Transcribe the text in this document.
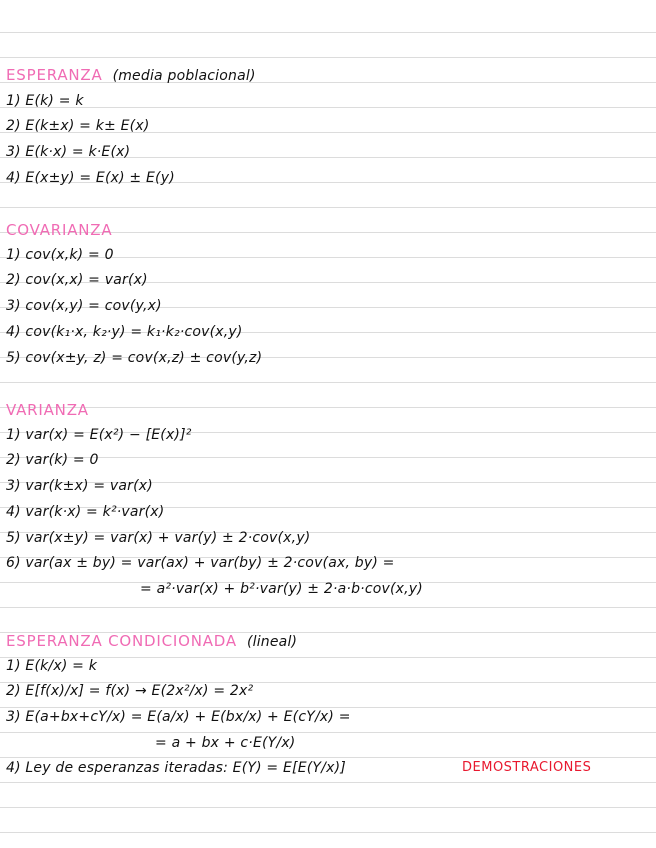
ESPERANZA (media poblacional)
1) E(k) = k
2) E(k±x) = k± E(x)
3) E(k·x) = k·E(x)
4) E(x±y) = E(x) ± E(y)
COVARIANZA
1) cov(x,k) = 0
2) cov(x,x) = var(x)
3) cov(x,y) = cov(y,x)
4) cov(k₁·x, k₂·y) = k₁·k₂·cov(x,y)
5) cov(x±y, z) = cov(x,z) ± cov(y,z)
VARIANZA
1) var(x) = E(x²) − [E(x)]²
2) var(k) = 0
3) var(k±x) = var(x)
4) var(k·x) = k²·var(x)
5) var(x±y) = var(x) + var(y) ± 2·cov(x,y)
6) var(ax ± by) = var(ax) + var(by) ± 2·cov(ax, by) =
= a²·var(x) + b²·var(y) ± 2·a·b·cov(x,y)
ESPERANZA CONDICIONADA (lineal)
1) E(k/x) = k
2) E[f(x)/x] = f(x) → E(2x²/x) = 2x²
3) E(a+bx+cY/x) = E(a/x) + E(bx/x) + E(cY/x) =
= a + bx + c·E(Y/x)
4) Ley de esperanzas iteradas: E(Y) = E[E(Y/x)]	DEMOSTRACIONES
